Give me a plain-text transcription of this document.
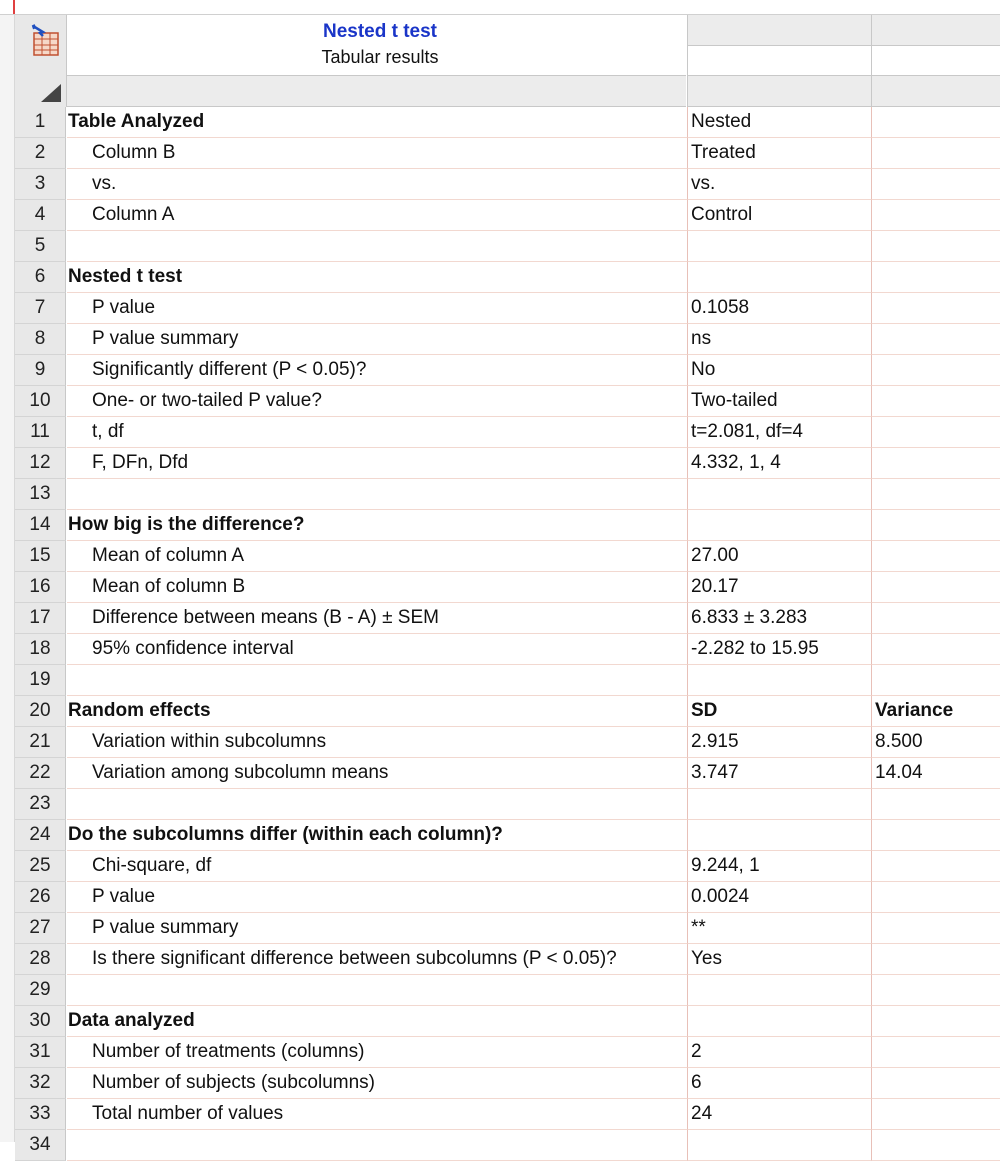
Nested t test
Tabular results
1	Table Analyzed	Nested
2	Column B	Treated
3	vs.	vs.
4	Column A	Control
5
6	Nested t test
7	P value	0.1058
8	P value summary	ns
9	Significantly different (P < 0.05)?	No
10	One- or two-tailed P value?	Two-tailed
11	t, df	t=2.081, df=4
12	F, DFn, Dfd	4.332, 1, 4
13
14 How big is the difference?
15	Mean of column A	27.00
16	Mean of column B	20.17
17	Difference between means (B - A) ± SEM	6.833 ± 3.283
18	95% confidence interval	-2.282 to 15.95
19
20 Random effects	SD	Variance
21	Variation within subcolumns	2.915	8.500
22	Variation among subcolumn means	3.747	14.04
23
24 Do the subcolumns differ (within each column)?
25	Chi-square, df	9.244, 1
26	P value	0.0024
27	P value summary	**
28	Is there significant difference between subcolumns (P < 0.05)?	Yes
29
30 Data analyzed
31	Number of treatments (columns)	2
32	Number of subjects (subcolumns)	6
33	Total number of values	24
34
